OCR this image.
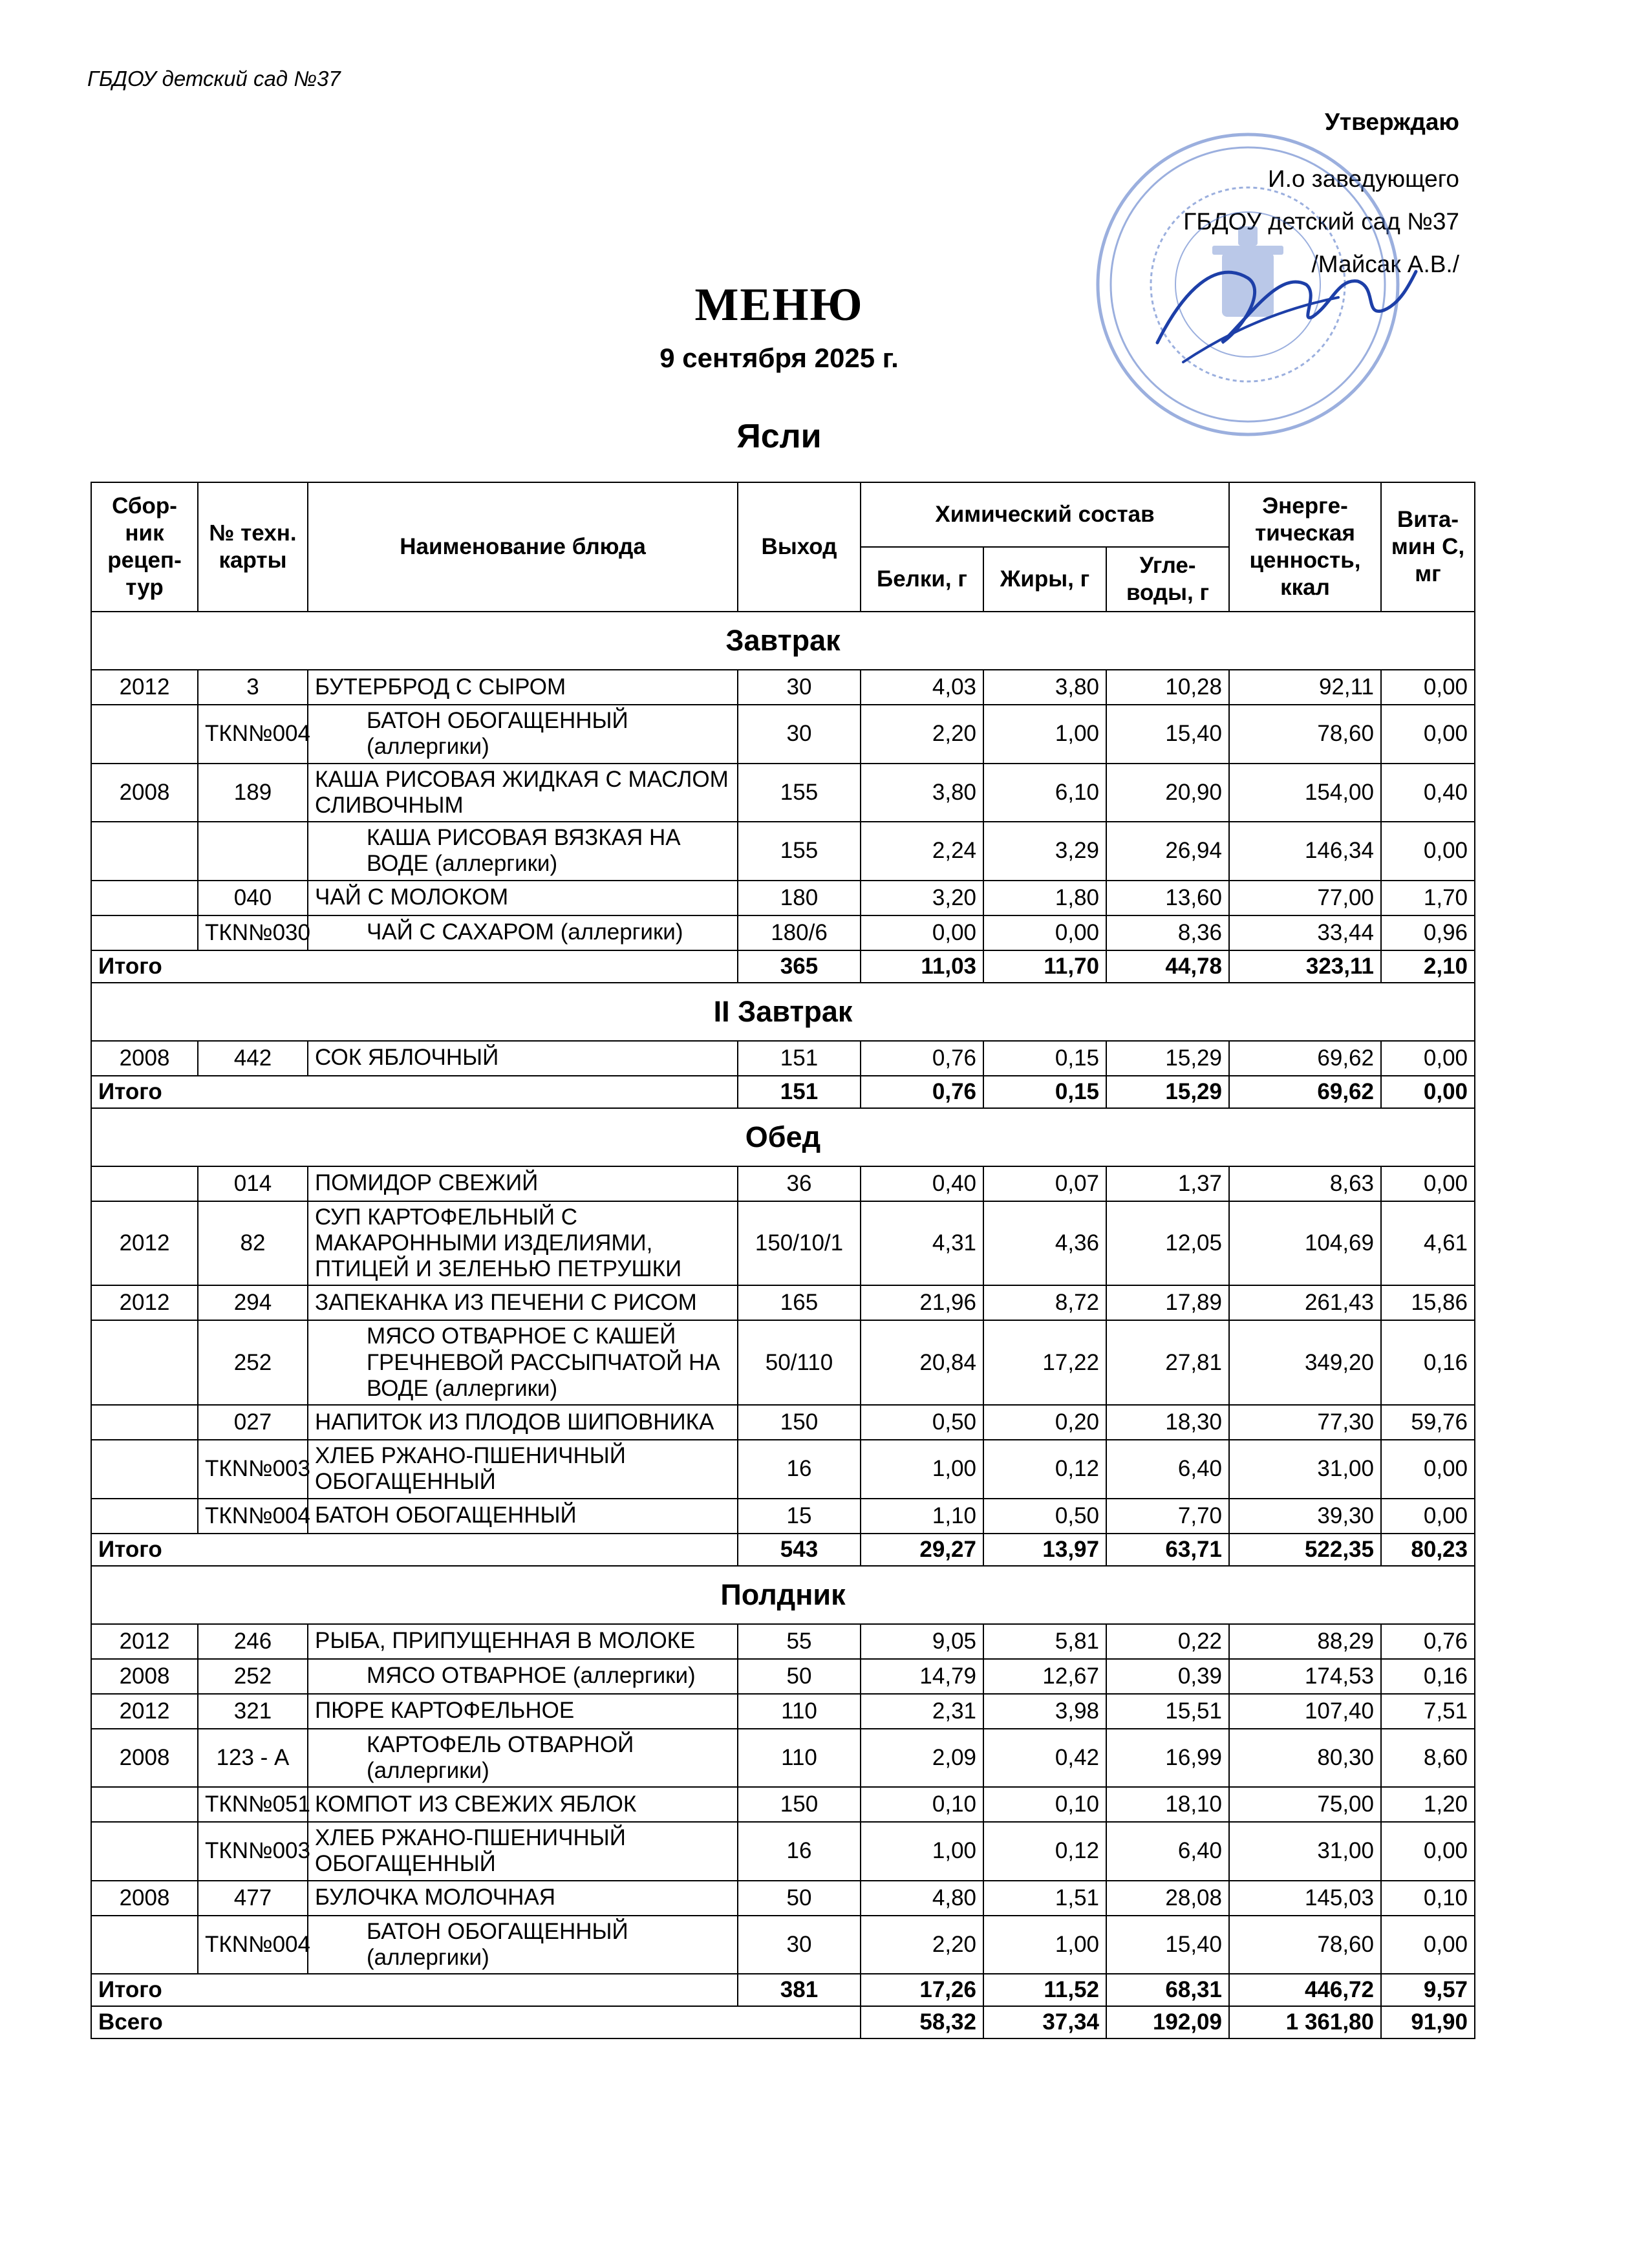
ГБДОУ детский сад №37
Утверждаю
И.о заведующего
ГБДОУ детский сад №37
/Майсак А.В./
МЕНЮ
9 сентября 2025 г.
Ясли
Сбор-ник рецеп-тур	№ техн. карты	Наименование блюда	Выход	Химический состав			Энерге-тическая ценность, ккал	Вита-мин С, мг
				Белки, г	Жиры, г	Угле-воды, г		
Завтрак								
2012	3	БУТЕРБРОД С СЫРОМ	30	4,03	3,80	10,28	92,11	0,00
	ТКN№004	БАТОН ОБОГАЩЕННЫЙ (аллергики)	30	2,20	1,00	15,40	78,60	0,00
2008	189	КАША РИСОВАЯ ЖИДКАЯ С МАСЛОМ СЛИВОЧНЫМ	155	3,80	6,10	20,90	154,00	0,40
		КАША РИСОВАЯ ВЯЗКАЯ НА ВОДЕ (аллергики)	155	2,24	3,29	26,94	146,34	0,00
	040	ЧАЙ С МОЛОКОМ	180	3,20	1,80	13,60	77,00	1,70
	ТКN№030	ЧАЙ С САХАРОМ (аллергики)	180/6	0,00	0,00	8,36	33,44	0,96
Итого			365	11,03	11,70	44,78	323,11	2,10
II Завтрак								
2008	442	СОК ЯБЛОЧНЫЙ	151	0,76	0,15	15,29	69,62	0,00
Итого			151	0,76	0,15	15,29	69,62	0,00
Обед								
	014	ПОМИДОР СВЕЖИЙ	36	0,40	0,07	1,37	8,63	0,00
2012	82	СУП КАРТОФЕЛЬНЫЙ С МАКАРОННЫМИ ИЗДЕЛИЯМИ, ПТИЦЕЙ И ЗЕЛЕНЬЮ ПЕТРУШКИ	150/10/1	4,31	4,36	12,05	104,69	4,61
2012	294	ЗАПЕКАНКА ИЗ ПЕЧЕНИ С РИСОМ	165	21,96	8,72	17,89	261,43	15,86
	252	МЯСО ОТВАРНОЕ С КАШЕЙ ГРЕЧНЕВОЙ РАССЫПЧАТОЙ НА ВОДЕ (аллергики)	50/110	20,84	17,22	27,81	349,20	0,16
	027	НАПИТОК ИЗ ПЛОДОВ ШИПОВНИКА	150	0,50	0,20	18,30	77,30	59,76
	ТКN№003	ХЛЕБ РЖАНО-ПШЕНИЧНЫЙ ОБОГАЩЕННЫЙ	16	1,00	0,12	6,40	31,00	0,00
	ТКN№004	БАТОН ОБОГАЩЕННЫЙ	15	1,10	0,50	7,70	39,30	0,00
Итого			543	29,27	13,97	63,71	522,35	80,23
Полдник								
2012	246	РЫБА, ПРИПУЩЕННАЯ В МОЛОКЕ	55	9,05	5,81	0,22	88,29	0,76
2008	252	МЯСО ОТВАРНОЕ (аллергики)	50	14,79	12,67	0,39	174,53	0,16
2012	321	ПЮРЕ КАРТОФЕЛЬНОЕ	110	2,31	3,98	15,51	107,40	7,51
2008	123 - А	КАРТОФЕЛЬ ОТВАРНОЙ (аллергики)	110	2,09	0,42	16,99	80,30	8,60
	ТКN№051	КОМПОТ ИЗ СВЕЖИХ ЯБЛОК	150	0,10	0,10	18,10	75,00	1,20
	ТКN№003	ХЛЕБ РЖАНО-ПШЕНИЧНЫЙ ОБОГАЩЕННЫЙ	16	1,00	0,12	6,40	31,00	0,00
2008	477	БУЛОЧКА МОЛОЧНАЯ	50	4,80	1,51	28,08	145,03	0,10
	ТКN№004	БАТОН ОБОГАЩЕННЫЙ (аллергики)	30	2,20	1,00	15,40	78,60	0,00
Итого			381	17,26	11,52	68,31	446,72	9,57
Всего				58,32	37,34	192,09	1 361,80	91,90
